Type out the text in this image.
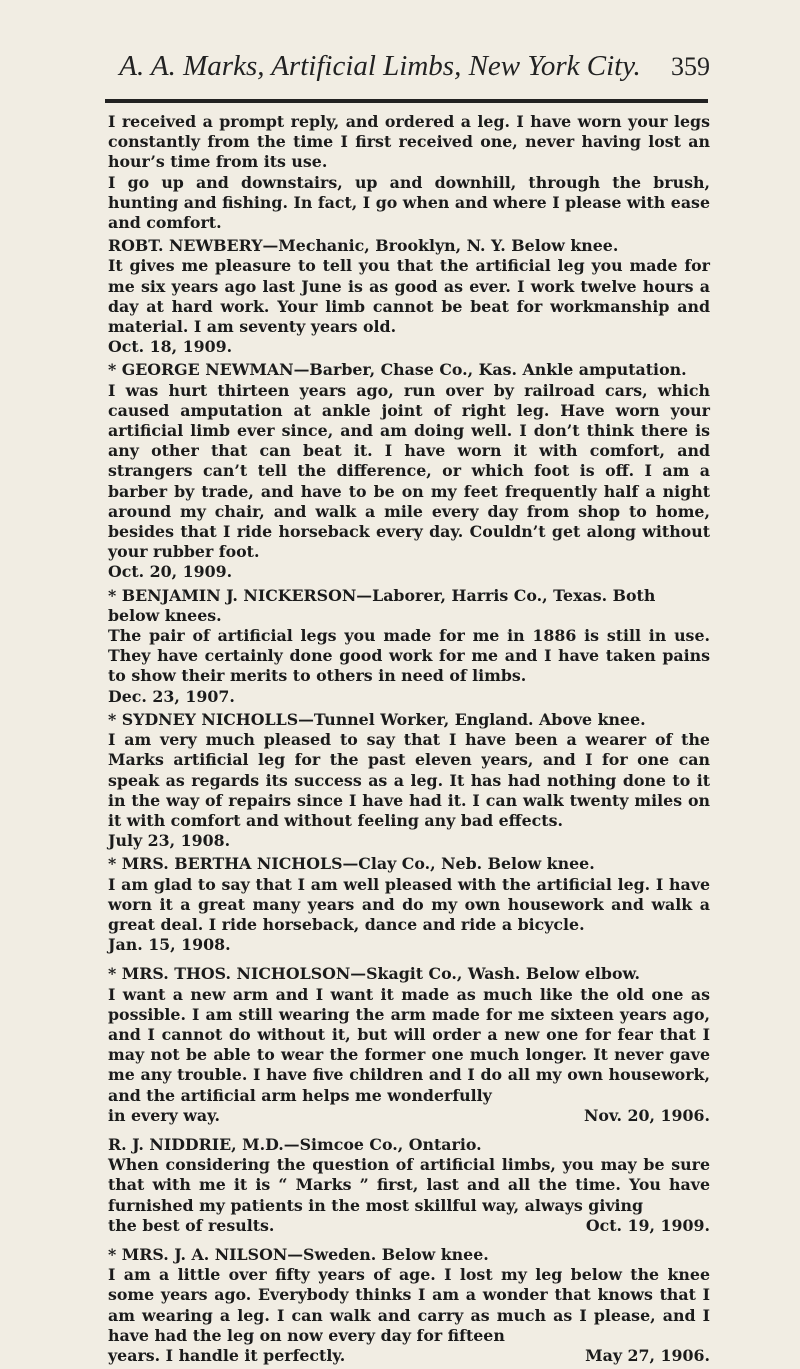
A. A. Marks, Artificial Limbs, New York City.	359

I received a prompt reply, and ordered a leg. I have worn your legs constantly from the time I first received one, never having lost an hour’s time from its use.

I go up and downstairs, up and downhill, through the brush, hunting and fishing. In fact, I go when and where I please with ease and comfort.

ROBT. NEWBERY—Mechanic, Brooklyn, N. Y. Below knee.

It gives me pleasure to tell you that the artificial leg you made for me six years ago last June is as good as ever. I work twelve hours a day at hard work. Your limb cannot be beat for workmanship and material. I am seventy years old.

Oct. 18, 1909.

* GEORGE NEWMAN—Barber, Chase Co., Kas. Ankle amputation.

I was hurt thirteen years ago, run over by railroad cars, which caused amputation at ankle joint of right leg. Have worn your artificial limb ever since, and am doing well. I don’t think there is any other that can beat it. I have worn it with comfort, and strangers can’t tell the difference, or which foot is off. I am a barber by trade, and have to be on my feet frequently half a night around my chair, and walk a mile every day from shop to home, besides that I ride horseback every day. Couldn’t get along without your rubber foot.

Oct. 20, 1909.

* BENJAMIN J. NICKERSON—Laborer, Harris Co., Texas. Both below knees.

The pair of artificial legs you made for me in 1886 is still in use. They have certainly done good work for me and I have taken pains to show their merits to others in need of limbs.

Dec. 23, 1907.

* SYDNEY NICHOLLS—Tunnel Worker, England. Above knee.

I am very much pleased to say that I have been a wearer of the Marks artificial leg for the past eleven years, and I for one can speak as regards its success as a leg. It has had nothing done to it in the way of repairs since I have had it. I can walk twenty miles on it with comfort and without feeling any bad effects.

July 23, 1908.

* MRS. BERTHA NICHOLS—Clay Co., Neb. Below knee.

I am glad to say that I am well pleased with the artificial leg. I have worn it a great many years and do my own housework and walk a great deal. I ride horseback, dance and ride a bicycle.

Jan. 15, 1908.

* MRS. THOS. NICHOLSON—Skagit Co., Wash. Below elbow.

I want a new arm and I want it made as much like the old one as possible. I am still wearing the arm made for me sixteen years ago, and I cannot do without it, but will order a new one for fear that I may not be able to wear the former one much longer. It never gave me any trouble. I have five children and I do all my own housework, and the artificial arm helps me wonderfully

in every way.	Nov. 20, 1906.

R. J. NIDDRIE, M.D.—Simcoe Co., Ontario.

When considering the question of artificial limbs, you may be sure that with me it is “ Marks ” first, last and all the time. You have furnished my patients in the most skillful way, always giving

the best of results.	Oct. 19, 1909.

* MRS. J. A. NILSON—Sweden. Below knee.

I am a little over fifty years of age. I lost my leg below the knee some years ago. Everybody thinks I am a wonder that knows that I am wearing a leg. I can walk and carry as much as I please, and I have had the leg on now every day for fifteen

years. I handle it perfectly.	May 27, 1906.
